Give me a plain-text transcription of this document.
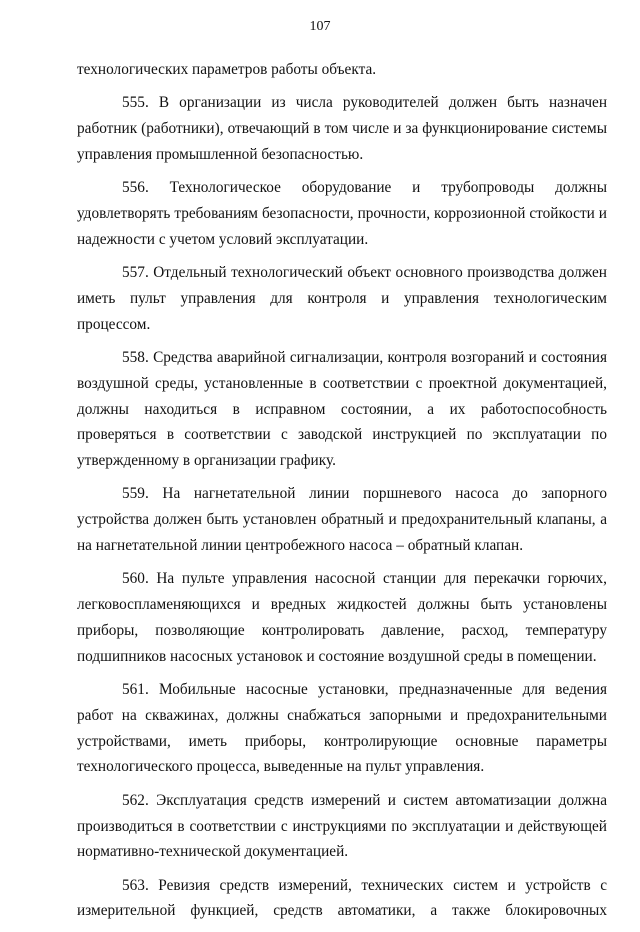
107

технологических параметров работы объекта.

555. В организации из числа руководителей должен быть назначен работник (работники), отвечающий в том числе и за функционирование системы управления промышленной безопасностью.

556. Технологическое оборудование и трубопроводы должны удовлетворять требованиям безопасности, прочности, коррозионной стойкости и надежности с учетом условий эксплуатации.

557. Отдельный технологический объект основного производства должен иметь пульт управления для контроля и управления технологическим процессом.

558. Средства аварийной сигнализации, контроля возгораний и состояния воздушной среды, установленные в соответствии с проектной документацией, должны находиться в исправном состоянии, а их работоспособность проверяться в соответствии с заводской инструкцией по эксплуатации по утвержденному в организации графику.

559. На нагнетательной линии поршневого насоса до запорного устройства должен быть установлен обратный и предохранительный клапаны, а на нагнетательной линии центробежного насоса – обратный клапан.

560. На пульте управления насосной станции для перекачки горючих, легковоспламеняющихся и вредных жидкостей должны быть установлены приборы, позволяющие контролировать давление, расход, температуру подшипников насосных установок и состояние воздушной среды в помещении.

561. Мобильные насосные установки, предназначенные для ведения работ на скважинах, должны снабжаться запорными и предохранительными устройствами, иметь приборы, контролирующие основные параметры технологического процесса, выведенные на пульт управления.

562. Эксплуатация средств измерений и систем автоматизации должна производиться в соответствии с инструкциями по эксплуатации и действующей нормативно-технической документацией.

563. Ревизия средств измерений, технических систем и устройств с измерительной функцией, средств автоматики, а также блокировочных
